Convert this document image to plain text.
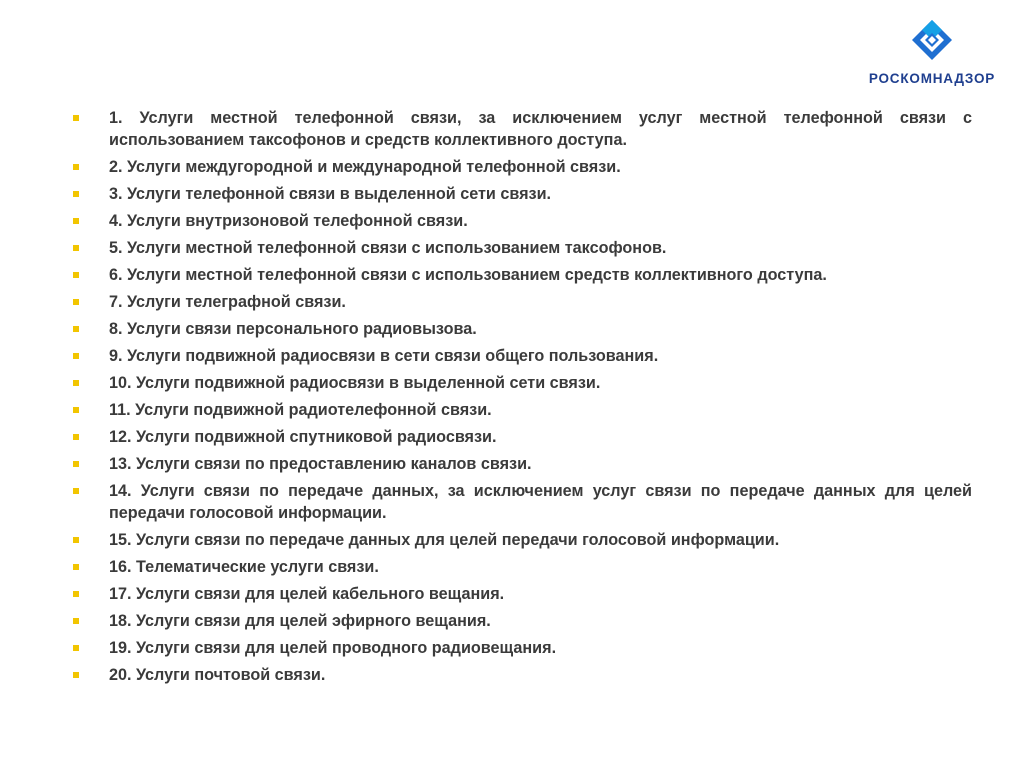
РОСКОМНАДЗОР
1. Услуги местной телефонной связи, за исключением услуг местной телефонной связи с использованием таксофонов и средств коллективного доступа.
2. Услуги междугородной и международной телефонной связи.
3. Услуги телефонной связи в выделенной сети связи.
4. Услуги внутризоновой телефонной связи.
5. Услуги местной телефонной связи с использованием таксофонов.
6. Услуги местной телефонной связи с использованием средств коллективного доступа.
7. Услуги телеграфной связи.
8. Услуги связи персонального радиовызова.
9. Услуги подвижной радиосвязи в сети связи общего пользования.
10. Услуги подвижной радиосвязи в выделенной сети связи.
11. Услуги подвижной радиотелефонной связи.
12. Услуги подвижной спутниковой радиосвязи.
13. Услуги связи по предоставлению каналов связи.
14. Услуги связи по передаче данных, за исключением услуг связи по передаче данных для целей передачи голосовой информации.
15. Услуги связи по передаче данных для целей передачи голосовой информации.
16. Телематические услуги связи.
17. Услуги связи для целей кабельного вещания.
18. Услуги связи для целей эфирного вещания.
19. Услуги связи для целей проводного радиовещания.
20. Услуги почтовой связи.
